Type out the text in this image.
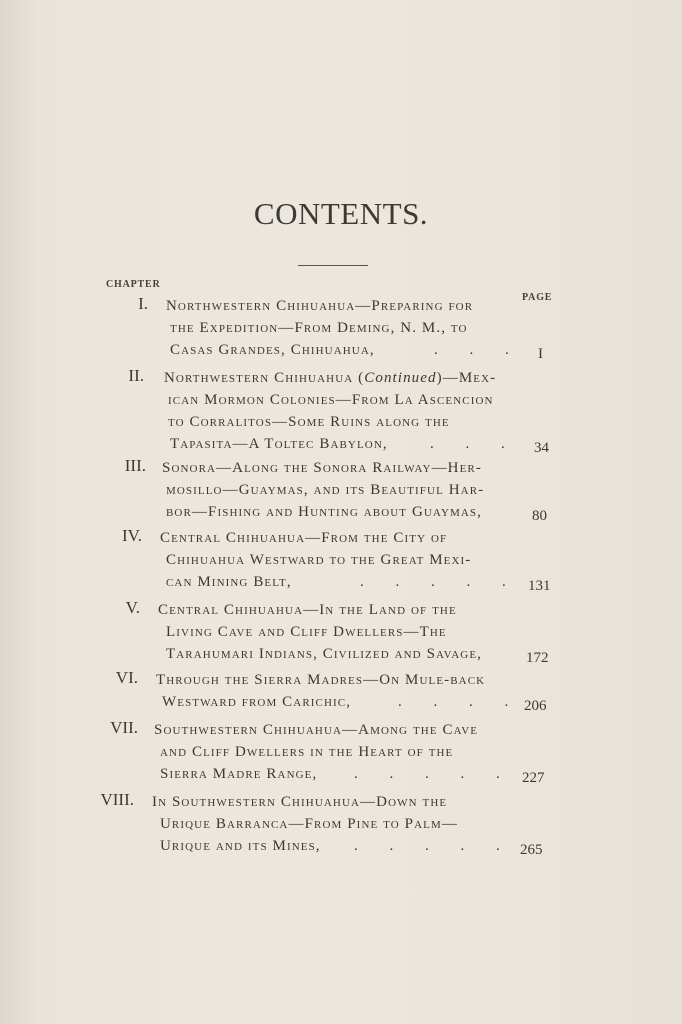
CONTENTS.
CHAPTER
PAGE
I. Northwestern Chihuahua—Preparing for
the Expedition—From Deming, N. M., to
Casas Grandes, Chihuahua,	. . . I
II. Northwestern Chihuahua (Continued)—Mex-
ican Mormon Colonies—From La Ascencion
to Corralitos—Some Ruins along the
Tapasita—A Toltec Babylon,	. . . 34
III. Sonora—Along the Sonora Railway—Her-
mosillo—Guaymas, and its Beautiful Har-
bor—Fishing and Hunting about Guaymas,	80
IV. Central Chihuahua—From the City of
Chihuahua Westward to the Great Mexi-
can Mining Belt,	. . . . . 131
V. Central Chihuahua—In the Land of the
Living Cave and Cliff Dwellers—The
Tarahumari Indians, Civilized and Savage,	172
VI. Through the Sierra Madres—On Mule-back
Westward from Carichic,	. . . . 206
VII. Southwestern Chihuahua—Among the Cave
and Cliff Dwellers in the Heart of the
Sierra Madre Range, . . . . . 227
VIII. In Southwestern Chihuahua—Down the
Urique Barranca—From Pine to Palm—
Urique and its Mines, . . . . . 265
